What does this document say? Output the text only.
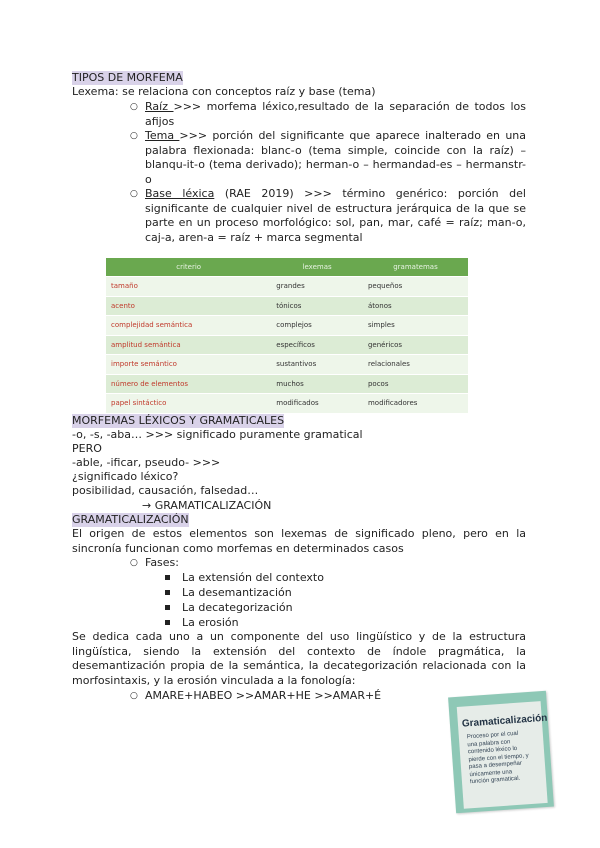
TIPOS DE MORFEMA
Lexema: se relaciona con conceptos raíz y base (tema)
○ Raíz >>> morfema léxico,resultado de la separación de todos los afijos
○ Tema >>> porción del significante que aparece inalterado en una palabra flexionada: blanc-o (tema simple, coincide con la raíz) – blanqu-it-o (tema derivado); herman-o – hermandad-es – hermanstr-o
○ Base léxica (RAE 2019) >>> término genérico: porción del significante de cualquier nivel de estructura jerárquica de la que se parte en un proceso morfológico: sol, pan, mar, café = raíz; man-o, caj-a, aren-a = raíz + marca segmental
criterio	lexemas	gramatemas
tamaño	grandes	pequeños
acento	tónicos	átonos
complejidad semántica	complejos	simples
amplitud semántica	específicos	genéricos
importe semántico	sustantivos	relacionales
número de elementos	muchos	pocos
papel sintáctico	modificados	modificadores
MORFEMAS LÉXICOS Y GRAMATICALES
-o, -s, -aba… >>> significado puramente gramatical
PERO
-able, -ificar, pseudo- >>>
¿significado léxico?
posibilidad, causación, falsedad…
→ GRAMATICALIZACIÓN
GRAMATICALIZACIÓN
El origen de estos elementos son lexemas de significado pleno, pero en la sincronía funcionan como morfemas en determinados casos
○ Fases:
La extensión del contexto
La desemantización
La decategorización
La erosión
Se dedica cada uno a un componente del uso lingüístico y de la estructura lingüística, siendo la extensión del contexto de índole pragmática, la desemantización propia de la semántica, la decategorización relacionada con la morfosintaxis, y la erosión vinculada a la fonología:
○ AMARE+HABEO >>AMAR+HE >>AMAR+É
Gramaticalización
Proceso por el cual una palabra con contenido léxico lo pierde con el tiempo, y pasa a desempeñar únicamente una función gramatical.
